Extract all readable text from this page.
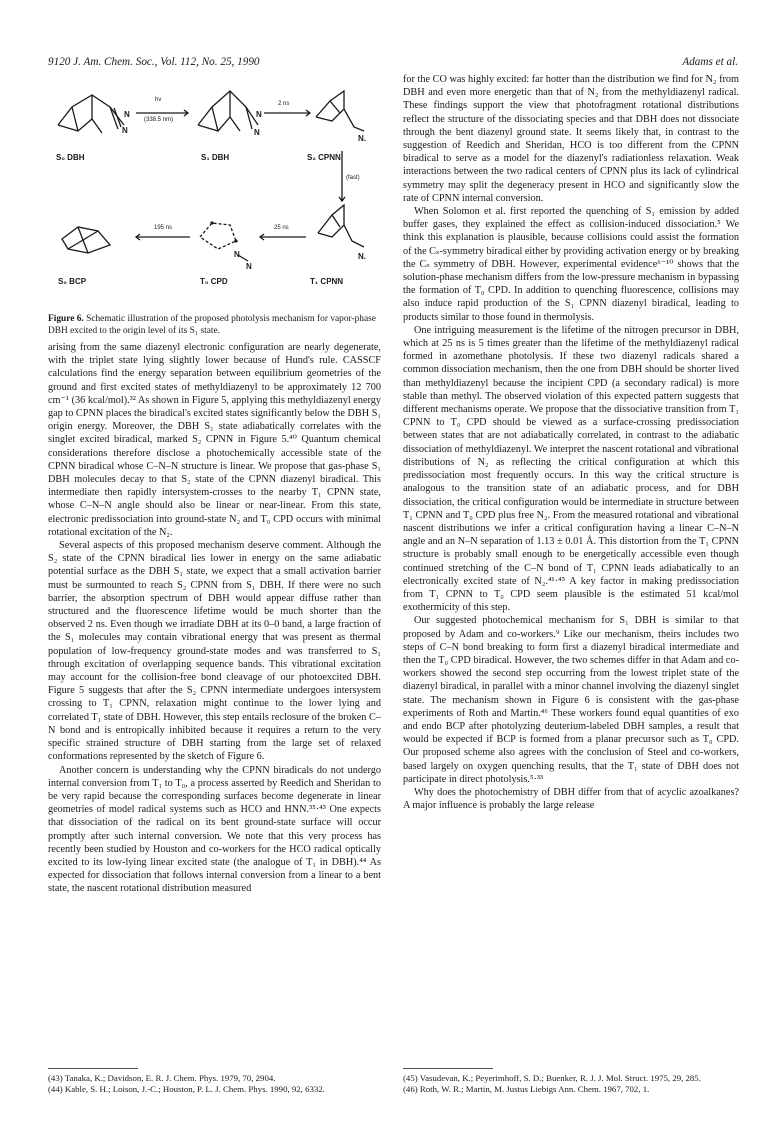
9120 J. Am. Chem. Soc., Vol. 112, No. 25, 1990	Adams et al.
N
N
N
N
N.
N.
N
N
S₀ DBH	S₁ DBH	S₂ CPNN
hν
(338.5 nm)
2 ns
(fast)
25 ns
195 ns
S₀ BCP	T₀ CPD	T₁ CPNN
Figure 6. Schematic illustration of the proposed photolysis mechanism for vapor-phase DBH excited to the origin level of its S₁ state.

arising from the same diazenyl electronic configuration are nearly degenerate, with the triplet state lying slightly lower because of Hund's rule. CASSCF calculations find the energy separation between equilibrium geometries of the ground and first excited states of methyldiazenyl to be approximately 12 700 cm⁻¹ (36 kcal/mol).³² As shown in Figure 5, applying this methyldiazenyl energy gap to CPNN places the biradical's excited states significantly below the DBH S₁ origin energy. Moreover, the DBH S₁ state adiabatically correlates with the singlet excited biradical, marked S₂ CPNN in Figure 5.⁴⁰ Quantum chemical considerations therefore disclose a photochemically accessible state of the CPNN biradical whose C–N–N structure is linear. We propose that gas-phase S₁ DBH molecules decay to that S₂ state of the CPNN diazenyl biradical. This intermediate then rapidly intersystem-crosses to the nearby T₁ CPNN state, whose C–N–N angle should also be linear or near-linear. From this state, electronic predissociation into ground-state N₂ and T₀ CPD occurs with minimal rotational excitation of the N₂.

Several aspects of this proposed mechanism deserve comment. Although the S₂ state of the CPNN biradical lies lower in energy on the same adiabatic potential surface as the DBH S₁ state, we expect that a small activation barrier must be surmounted to reach S₂ CPNN from S₁ DBH. If there were no such barrier, the absorption spectrum of DBH would appear diffuse rather than structured and the fluorescence lifetime would be much shorter than the observed 2 ns. Even though we irradiate DBH at its 0–0 band, a large fraction of the S₁ molecules may contain vibrational energy that was present as thermal population of low-frequency ground-state modes and was transferred to S₁ through excitation of overlapping sequence bands. This vibrational excitation may account for the collision-free bond cleavage of our photoexcited DBH. Figure 5 suggests that after the S₂ CPNN intermediate undergoes intersystem crossing to T₁ CPNN, relaxation might continue to the lower lying and correlated T₁ state of DBH. However, this step entails reclosure of the broken C–N bond and is entropically inhibited because it requires a return to the very specific strained structure of DBH starting from the large set of relaxed conformations represented by the sketch of Figure 6.

Another concern is understanding why the CPNN biradicals do not undergo internal conversion from T₁ to T₀, a process asserted by Reedich and Sheridan to be very rapid because the corresponding surfaces become degenerate in linear geometries of model radical systems such as HCO and HNN.³⁵·⁴³ One expects that dissociation of the radical on its bent ground-state surface will occur promptly after such internal conversion. We note that this very process has recently been studied by Houston and co-workers for the HCO radical optically excited to its low-lying linear excited state (the analogue of T₁ in DBH).⁴⁴ As expected for dissociation that follows internal conversion from a linear to a bent state, the nascent rotational distribution measured

for the CO was highly excited: far hotter than the distribution we find for N₂ from DBH and even more energetic than that of N₂ from the methyldiazenyl radical. These findings support the view that photofragment rotational distributions reflect the structure of the dissociating species and that DBH does not dissociate through the bent diazenyl ground state. It seems likely that, in contrast to the suggestion of Reedich and Sheridan, HCO is too different from the CPNN biradical to serve as a model for the diazenyl's radiationless relaxation. Weak interactions between the two radical centers of CPNN plus its lack of cylindrical symmetry may split the degeneracy present in HCO and significantly slow the rate of CPNN internal conversion.

When Solomon et al. first reported the quenching of S₁ emission by added buffer gases, they explained the effect as collision-induced dissociation.⁵ We think this explanation is plausible, because collisions could assist the formation of the Cₛ-symmetry biradical either by providing activation energy or by breaking the Cₛ symmetry of DBH. However, experimental evidence⁶⁻¹⁰ shows that the solution-phase mechanism differs from the low-pressure mechanism in bypassing the formation of T₀ CPD. In addition to quenching fluorescence, collisions may also induce rapid production of the S₁ CPNN diazenyl biradical, leading to products similar to those found in thermolysis.

One intriguing measurement is the lifetime of the nitrogen precursor in DBH, which at 25 ns is 5 times greater than the lifetime of the methyldiazenyl radical formed in azomethane photolysis. If these two diazenyl radicals shared a common dissociation mechanism, then the one from DBH should be shorter lived than methyldiazenyl because the incipient CPD (a secondary radical) is more stable than methyl. The observed violation of this expected pattern suggests that different mechanisms operate. We propose that the dissociative transition from T₁ CPNN to T₀ CPD should be viewed as a surface-crossing predissociation between states that are not adiabatically correlated, in contrast to the adiabatic dissociation of methyldiazenyl. We interpret the nascent rotational and vibrational distributions of N₂ as reflecting the critical configuration at which this predissociation most frequently occurs. In this way the critical structure is analogous to the transition state of an adiabatic process, and for DBH dissociation, the critical configuration would be intermediate in structure between T₁ CPNN and T₀ CPD plus free N₂. From the measured rotational and vibrational nascent distributions we infer a critical configuration having a linear C–N–N angle and an N–N separation of 1.13 ± 0.01 Å. This distortion from the T₁ CPNN structure is probably small enough to be energetically accessible even though continued stretching of the C–N bond of T₁ CPNN leads adiabatically to an electronically excited state of N₂.⁴¹·⁴⁵ A key factor in making predissociation from T₁ CPNN to T₀ CPD seem plausible is the estimated 51 kcal/mol exothermicity of this step.

Our suggested photochemical mechanism for S₁ DBH is similar to that proposed by Adam and co-workers.⁹ Like our mechanism, theirs includes two steps of C–N bond breaking to form first a diazenyl biradical intermediate and then the T₀ CPD biradical. However, the two schemes differ in that Adam and co-workers showed the second step occurring from the lowest triplet state of the diazenyl biradical, in parallel with a minor channel involving the diazenyl singlet state. The mechanism shown in Figure 6 is consistent with the gas-phase experiments of Roth and Martin.⁴⁶ These workers found equal quantities of exo and endo BCP after photolyzing deuterium-labeled DBH samples, a result that would be expected if BCP is formed from a planar precursor such as T₀ CPD. Our proposed scheme also agrees with the conclusion of Steel and co-workers, based largely on oxygen quenching results, that the T₁ state of DBH does not participate in direct photolysis.⁵·³³

Why does the photochemistry of DBH differ from that of acyclic azoalkanes? A major influence is probably the large release

(43) Tanaka, K.; Davidson, E. R. J. Chem. Phys. 1979, 70, 2904.
(44) Kable, S. H.; Loison, J.-C.; Houston, P. L. J. Chem. Phys. 1990, 92, 6332.
(45) Vasudevan, K.; Peyerimhoff, S. D.; Buenker, R. J. J. Mol. Struct. 1975, 29, 285.
(46) Roth, W. R.; Martin, M. Justus Liebigs Ann. Chem. 1967, 702, 1.
